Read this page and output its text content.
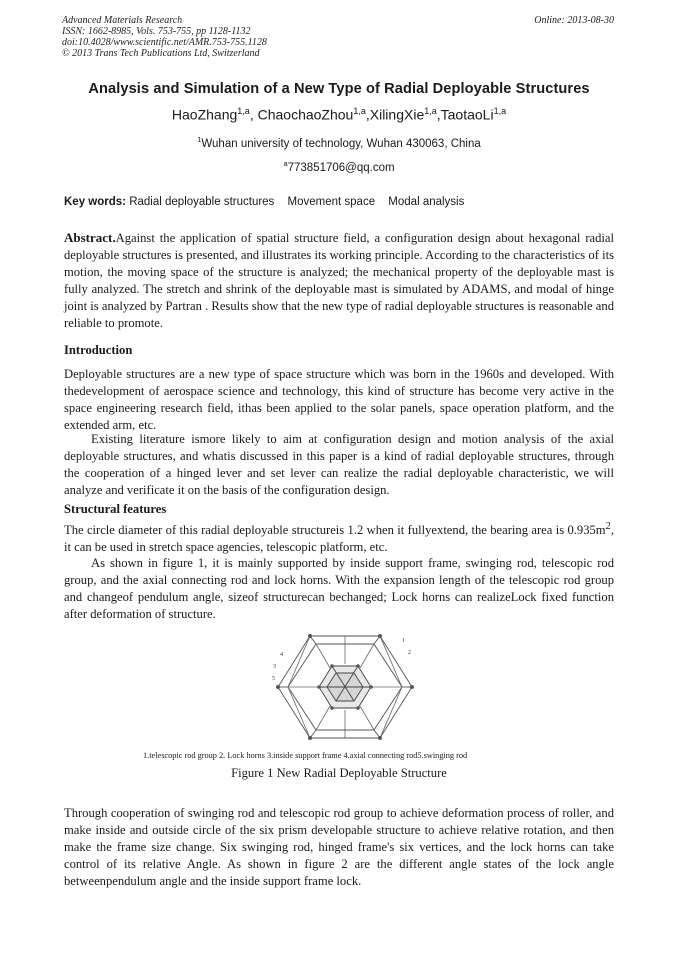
Advanced Materials Research
ISSN: 1662-8985, Vols. 753-755, pp 1128-1132
doi:10.4028/www.scientific.net/AMR.753-755.1128
© 2013 Trans Tech Publications Ltd, Switzerland
Online: 2013-08-30
Analysis and Simulation of a New Type of Radial Deployable Structures
HaoZhang$^{1,a}$, ChaochaoZhou$^{1,a}$,XilingXie$^{1,a}$,TaotaoLi$^{1,a}$
$^1$Wuhan university of technology, Wuhan 430063, China
$^a$773851706@qq.com
Key words: Radial deployable structures Movement space Modal analysis
Abstract.Against the application of spatial structure field, a configuration design about hexagonal radial deployable structures is presented, and illustrates its working principle. According to the characteristics of its motion, the moving space of the structure is analyzed; the mechanical property of the deployable mast is fully analyzed. The stretch and shrink of the deployable mast is simulated by ADAMS, and modal of hinge joint is analyzed by Partran . Results show that the new type of radial deployable structures is reasonable and reliable to promote.
Introduction
Deployable structures are a new type of space structure which was born in the 1960s and developed. With thedevelopment of aerospace science and technology, this kind of structure has become very active in the space engineering research field, ithas been applied to the solar panels, space operation platform, and the extended arm, etc.
Existing literature ismore likely to aim at configuration design and motion analysis of the axial deployable structures, and whatis discussed in this paper is a kind of radial deployable structures, through the cooperation of a hinged lever and set lever can realize the radial deployable characteristic, we will analyze and verificate it on the basis of the configuration design.
Structural features
The circle diameter of this radial deployable structureis 1.2 when it fullyextend, the bearing area is $0.935m^2$, it can be used in stretch space agencies, telescopic platform, etc.
As shown in figure 1, it is mainly supported by inside support frame, swinging rod, telescopic rod group, and the axial connecting rod and lock horns. With the expansion length of the telescopic rod group and changeof pendulum angle, sizeof structurecan bechanged; Lock horns can realizeLock fixed function after deformation of structure.
1
2
3
4
5
1.telescopic rod group 2. Lock horns 3.inside support frame 4.axial connecting rod5.swinging rod
Figure 1 New Radial Deployable Structure
Through cooperation of swinging rod and telescopic rod group to achieve deformation process of roller, and make inside and outside circle of the six prism developable structure to achieve relative rotation, and then make the frame size change. Six swinging rod, hinged frame's six vertices, and the lock horns can take control of its relative Angle. As shown in figure 2 are the different angle states of the lock angle betweenpendulum angle and the inside support frame lock.
